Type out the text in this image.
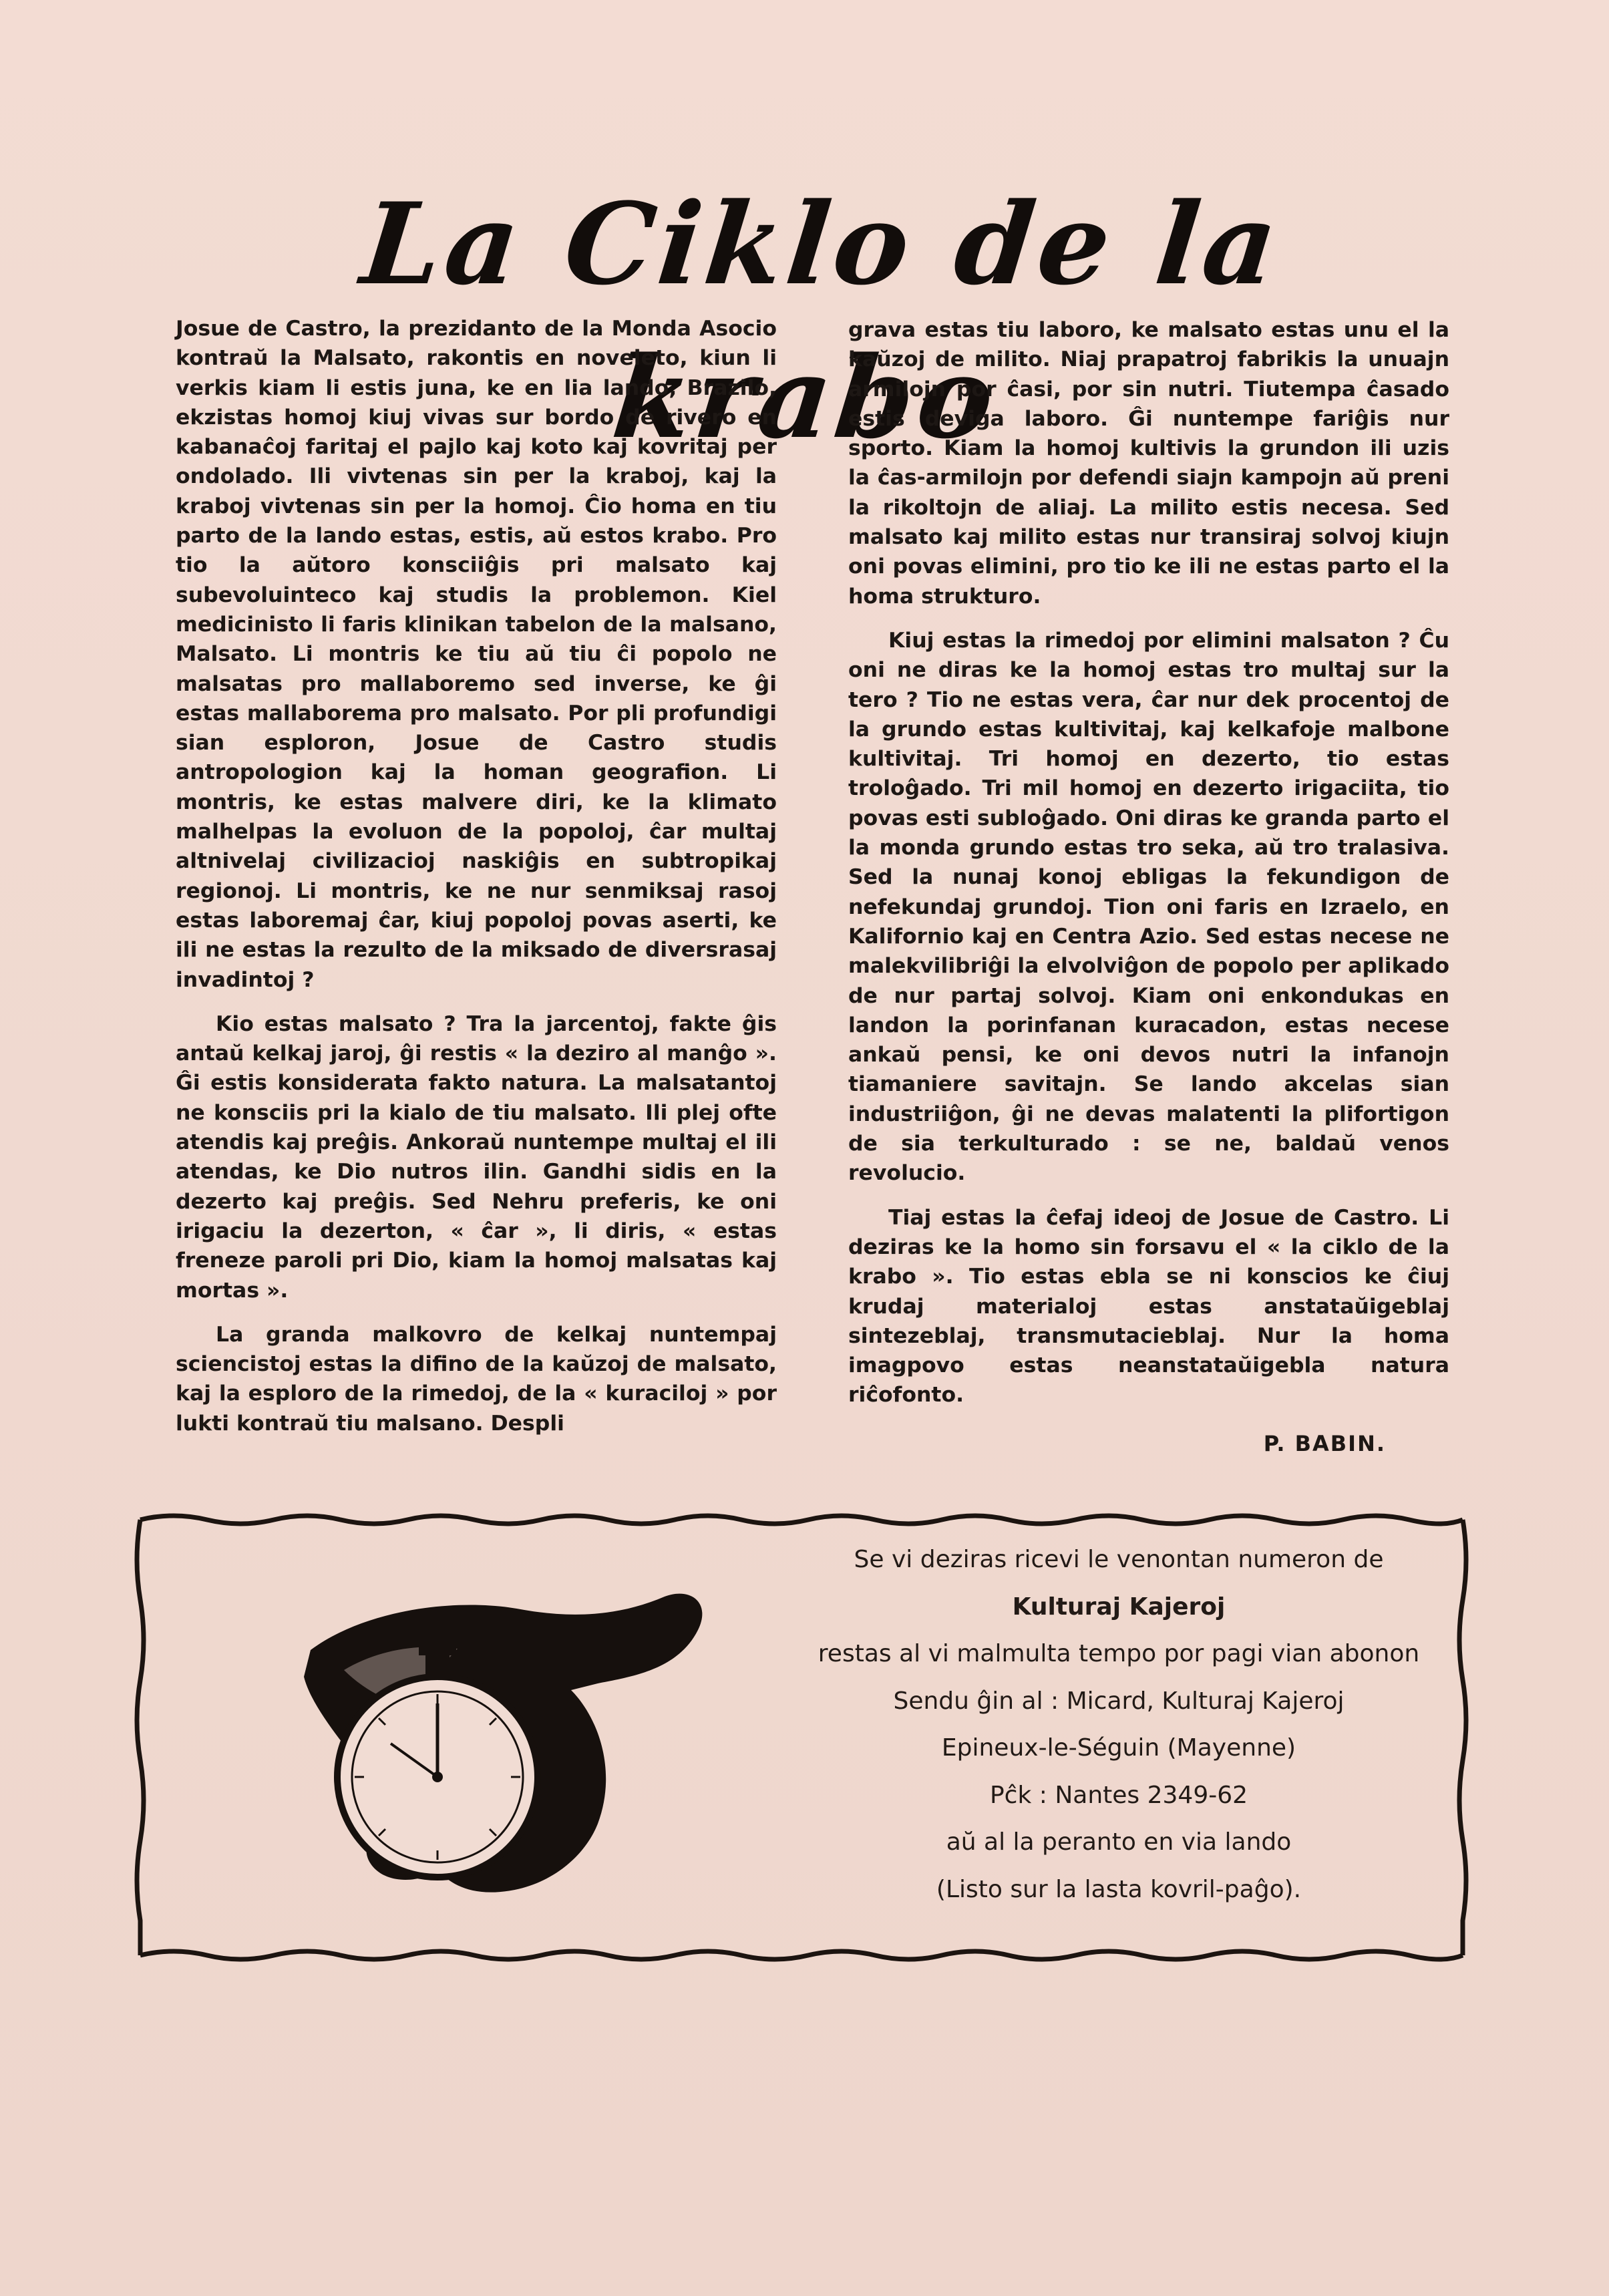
La Ciklo de la krabo

Josue de Castro, la prezidanto de la Monda Asocio kontraŭ la Malsato, rakontis en noveleto, kiun li verkis kiam li estis juna, ke en lia lando, Brazilo, ekzistas homoj kiuj vivas sur bordo de rivero en kabanaĉoj faritaj el pajlo kaj koto kaj kovritaj per ondolado. Ili vivtenas sin per la kraboj, kaj la kraboj vivtenas sin per la homoj. Ĉio homa en tiu parto de la lando estas, estis, aŭ estos krabo. Pro tio la aŭtoro konsciiĝis pri malsato kaj subevoluinteco kaj studis la problemon. Kiel medicinisto li faris klinikan tabelon de la malsano, Malsato. Li montris ke tiu aŭ tiu ĉi popolo ne malsatas pro mallaboremo sed inverse, ke ĝi estas mallaborema pro malsato. Por pli profundigi sian esploron, Josue de Castro studis antropologion kaj la homan geografion. Li montris, ke estas malvere diri, ke la klimato malhelpas la evoluon de la popoloj, ĉar multaj altnivelaj civilizacioj naskiĝis en subtropikaj regionoj. Li montris, ke ne nur senmiksaj rasoj estas laboremaj ĉar, kiuj popoloj povas aserti, ke ili ne estas la rezulto de la miksado de diversrasaj invadintoj ?

Kio estas malsato ? Tra la jarcentoj, fakte ĝis antaŭ kelkaj jaroj, ĝi restis « la deziro al manĝo ». Ĝi estis konsiderata fakto natura. La malsatantoj ne konsciis pri la kialo de tiu malsato. Ili plej ofte atendis kaj preĝis. Ankoraŭ nuntempe multaj el ili atendas, ke Dio nutros ilin. Gandhi sidis en la dezerto kaj preĝis. Sed Nehru preferis, ke oni irigaciu la dezerton, « ĉar », li diris, « estas freneze paroli pri Dio, kiam la homoj malsatas kaj mortas ».

La granda malkovro de kelkaj nuntempaj sciencistoj estas la difino de la kaŭzoj de malsato, kaj la esploro de la rimedoj, de la « kuraciloj » por lukti kontraŭ tiu malsano. Despli

grava estas tiu laboro, ke malsato estas unu el la kaŭzoj de milito. Niaj prapatroj fabrikis la unuajn armilojn por ĉasi, por sin nutri. Tiutempa ĉasado estis deviga laboro. Ĝi nuntempe fariĝis nur sporto. Kiam la homoj kultivis la grundon ili uzis la ĉas-armilojn por defendi siajn kampojn aŭ preni la rikoltojn de aliaj. La milito estis necesa. Sed malsato kaj milito estas nur transiraj solvoj kiujn oni povas elimini, pro tio ke ili ne estas parto el la homa strukturo.

Kiuj estas la rimedoj por elimini malsaton ? Ĉu oni ne diras ke la homoj estas tro multaj sur la tero ? Tio ne estas vera, ĉar nur dek procentoj de la grundo estas kultivitaj, kaj kelkafoje malbone kultivitaj. Tri homoj en dezerto, tio estas troloĝado. Tri mil homoj en dezerto irigaciita, tio povas esti subloĝado. Oni diras ke granda parto el la monda grundo estas tro seka, aŭ tro tralasiva. Sed la nunaj konoj ebligas la fekundigon de nefekundaj grundoj. Tion oni faris en Izraelo, en Kalifornio kaj en Centra Azio. Sed estas necese ne malekvilibriĝi la elvolviĝon de popolo per aplikado de nur partaj solvoj. Kiam oni enkondukas en landon la porinfanan kuracadon, estas necese ankaŭ pensi, ke oni devos nutri la infanojn tiamaniere savitajn. Se lando akcelas sian industriiĝon, ĝi ne devas malatenti la plifortigon de sia terkulturado : se ne, baldaŭ venos revolucio.

Tiaj estas la ĉefaj ideoj de Josue de Castro. Li deziras ke la homo sin forsavu el « la ciklo de la krabo ». Tio estas ebla se ni konscios ke ĉiuj krudaj materialoj estas anstataŭigeblaj sintezeblaj, transmutacieblaj. Nur la homa imagpovo estas neanstataŭigebla natura riĉofonto.

P. BABIN.
Se vi deziras ricevi le venontan numeron de
Kulturaj Kajeroj
restas al vi malmulta tempo por pagi vian abonon
Sendu ĝin al : Micard, Kulturaj Kajeroj
Epineux-le-Séguin (Mayenne)
Pĉk : Nantes 2349-62
aŭ al la peranto en via lando
(Listo sur la lasta kovril-paĝo).
